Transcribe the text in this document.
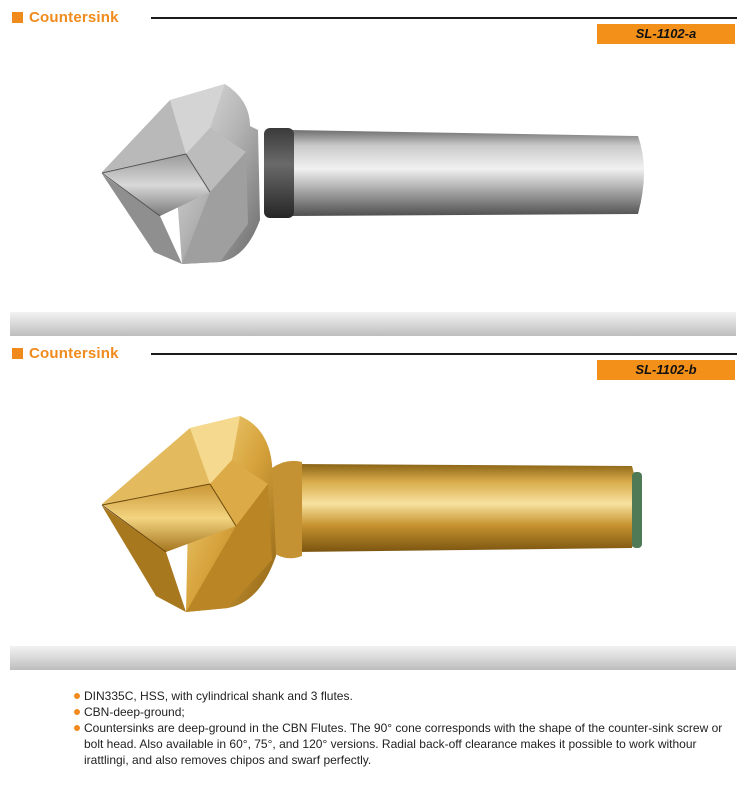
Countersink
SL-1102-a
Countersink
SL-1102-b
DIN335C, HSS, with cylindrical shank and 3 flutes.
CBN-deep-ground;
Countersinks are deep-ground in the CBN Flutes. The 90° cone corresponds with the shape of the counter-sink screw or bolt head. Also available in 60°, 75°, and 120° versions. Radial back-off clearance makes it possible to work withour irattlingi, and also removes chipos and swarf perfectly.
